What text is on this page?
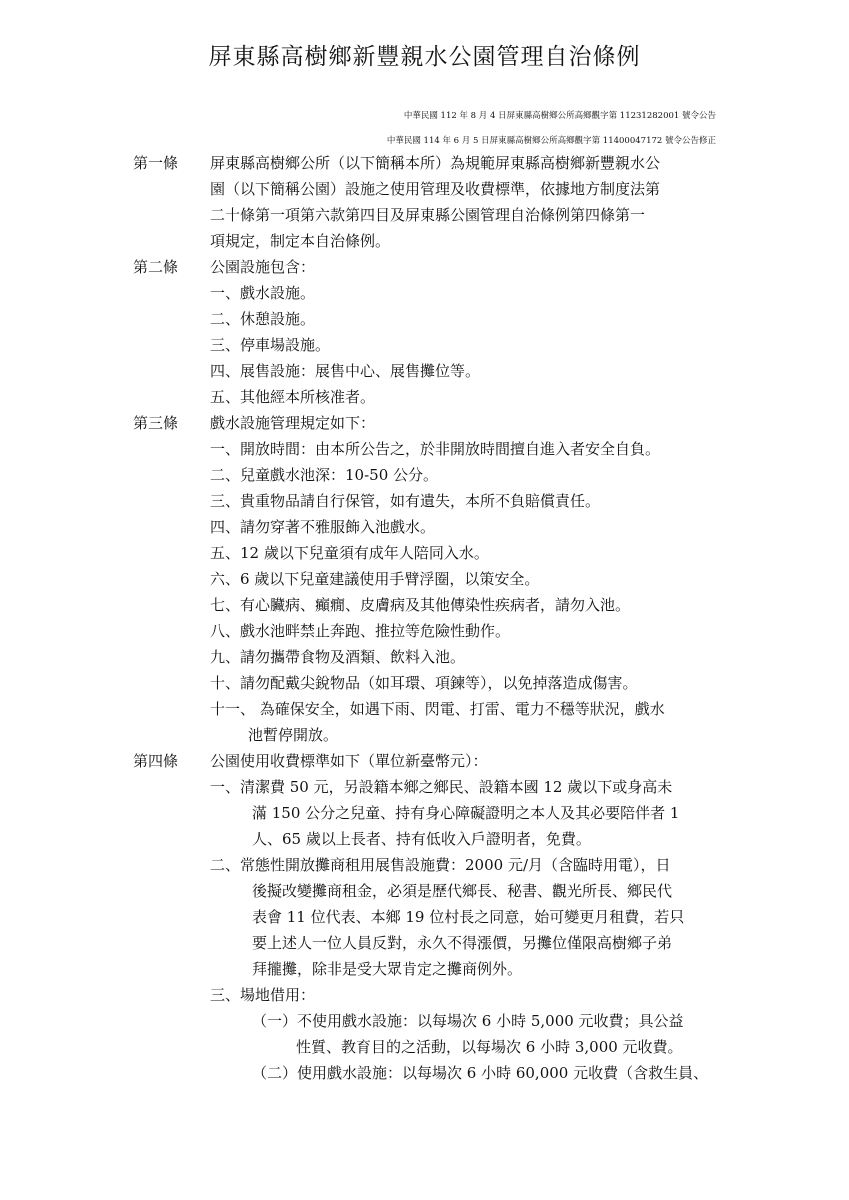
屏東縣高樹鄉新豐親水公園管理自治條例
中華民國 112 年 8 月 4 日屏東縣高樹鄉公所高鄉觀字第 11231282001 號令公告
中華民國 114 年 6 月 5 日屏東縣高樹鄉公所高鄉觀字第 11400047172 號令公告修正
第一條 屏東縣高樹鄉公所（以下簡稱本所）為規範屏東縣高樹鄉新豐親水公
園（以下簡稱公園）設施之使用管理及收費標準，依據地方制度法第
二十條第一項第六款第四目及屏東縣公園管理自治條例第四條第一
項規定，制定本自治條例。
第二條 公園設施包含：
一、戲水設施。
二、休憩設施。
三、停車場設施。
四、展售設施：展售中心、展售攤位等。
五、其他經本所核准者。
第三條 戲水設施管理規定如下：
一、開放時間：由本所公告之，於非開放時間擅自進入者安全自負。
二、兒童戲水池深：10-50 公分。
三、貴重物品請自行保管，如有遺失，本所不負賠償責任。
四、請勿穿著不雅服飾入池戲水。
五、12 歲以下兒童須有成年人陪同入水。
六、6 歲以下兒童建議使用手臂浮圈，以策安全。
七、有心臟病、癲癇、皮膚病及其他傳染性疾病者，請勿入池。
八、戲水池畔禁止奔跑、推拉等危險性動作。
九、請勿攜帶食物及酒類、飲料入池。
十、請勿配戴尖銳物品（如耳環、項鍊等），以免掉落造成傷害。
十一、 為確保安全，如遇下雨、閃電、打雷、電力不穩等狀況，戲水
池暫停開放。
第四條 公園使用收費標準如下（單位新臺幣元）：
一、清潔費 50 元，另設籍本鄉之鄉民、設籍本國 12 歲以下或身高未
滿 150 公分之兒童、持有身心障礙證明之本人及其必要陪伴者 1
人、65 歲以上長者、持有低收入戶證明者，免費。
二、常態性開放攤商租用展售設施費：2000 元/月（含臨時用電），日
後擬改變攤商租金，必須是歷代鄉長、秘書、觀光所長、鄉民代
表會 11 位代表、本鄉 19 位村長之同意，始可變更月租費，若只
要上述人一位人員反對，永久不得漲價，另攤位僅限高樹鄉子弟
拜攏攤，除非是受大眾肯定之攤商例外。
三、場地借用：
（一）不使用戲水設施：以每場次 6 小時 5,000 元收費；具公益
性質、教育目的之活動，以每場次 6 小時 3,000 元收費。
（二）使用戲水設施：以每場次 6 小時 60,000 元收費（含救生員、
